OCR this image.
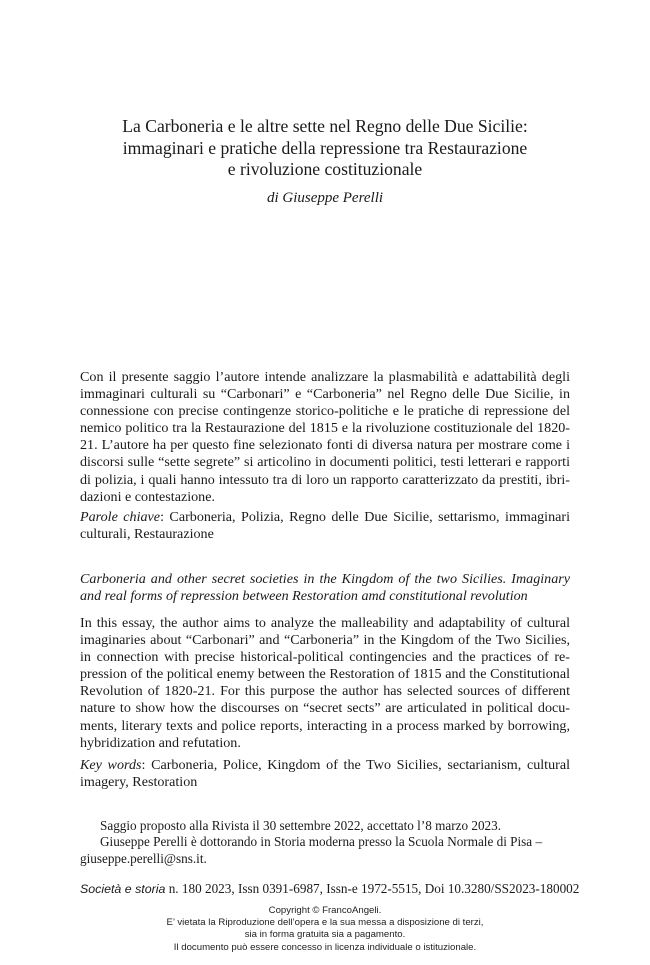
La Carboneria e le altre sette nel Regno delle Due Sicilie:
immaginari e pratiche della repressione tra Restaurazione
e rivoluzione costituzionale
di Giuseppe Perelli
Con il presente saggio l’autore intende analizzare la plasmabilità e adattabilità degli
immaginari culturali su “Carbonari” e “Carboneria” nel Regno delle Due Sicilie, in
connessione con precise contingenze storico-politiche e le pratiche di repressione del
nemico politico tra la Restaurazione del 1815 e la rivoluzione costituzionale del 1820-
21. L’autore ha per questo fine selezionato fonti di diversa natura per mostrare come i
discorsi sulle “sette segrete” si articolino in documenti politici, testi letterari e rapporti
di polizia, i quali hanno intessuto tra di loro un rapporto caratterizzato da prestiti, ibri-
dazioni e contestazione.
Parole chiave: Carboneria, Polizia, Regno delle Due Sicilie, settarismo, immaginari
culturali, Restaurazione
Carboneria and other secret societies in the Kingdom of the two Sicilies. Imaginary
and real forms of repression between Restoration amd constitutional revolution
In this essay, the author aims to analyze the malleability and adaptability of cultural
imaginaries about “Carbonari” and “Carboneria” in the Kingdom of the Two Sicilies,
in connection with precise historical-political contingencies and the practices of re-
pression of the political enemy between the Restoration of 1815 and the Constitutional
Revolution of 1820-21. For this purpose the author has selected sources of different
nature to show how the discourses on “secret sects” are articulated in political docu-
ments, literary texts and police reports, interacting in a process marked by borrowing,
hybridization and refutation.
Key words: Carboneria, Police, Kingdom of the Two Sicilies, sectarianism, cultural
imagery, Restoration
Saggio proposto alla Rivista il 30 settembre 2022, accettato l’8 marzo 2023.
Giuseppe Perelli è dottorando in Storia moderna presso la Scuola Normale di Pisa –
giuseppe.perelli@sns.it.
Società e storia n. 180 2023, Issn 0391-6987, Issn-e 1972-5515, Doi 10.3280/SS2023-180002
Copyright © FrancoAngeli.
E’ vietata la Riproduzione dell’opera e la sua messa a disposizione di terzi,
sia in forma gratuita sia a pagamento.
Il documento può essere concesso in licenza individuale o istituzionale.
